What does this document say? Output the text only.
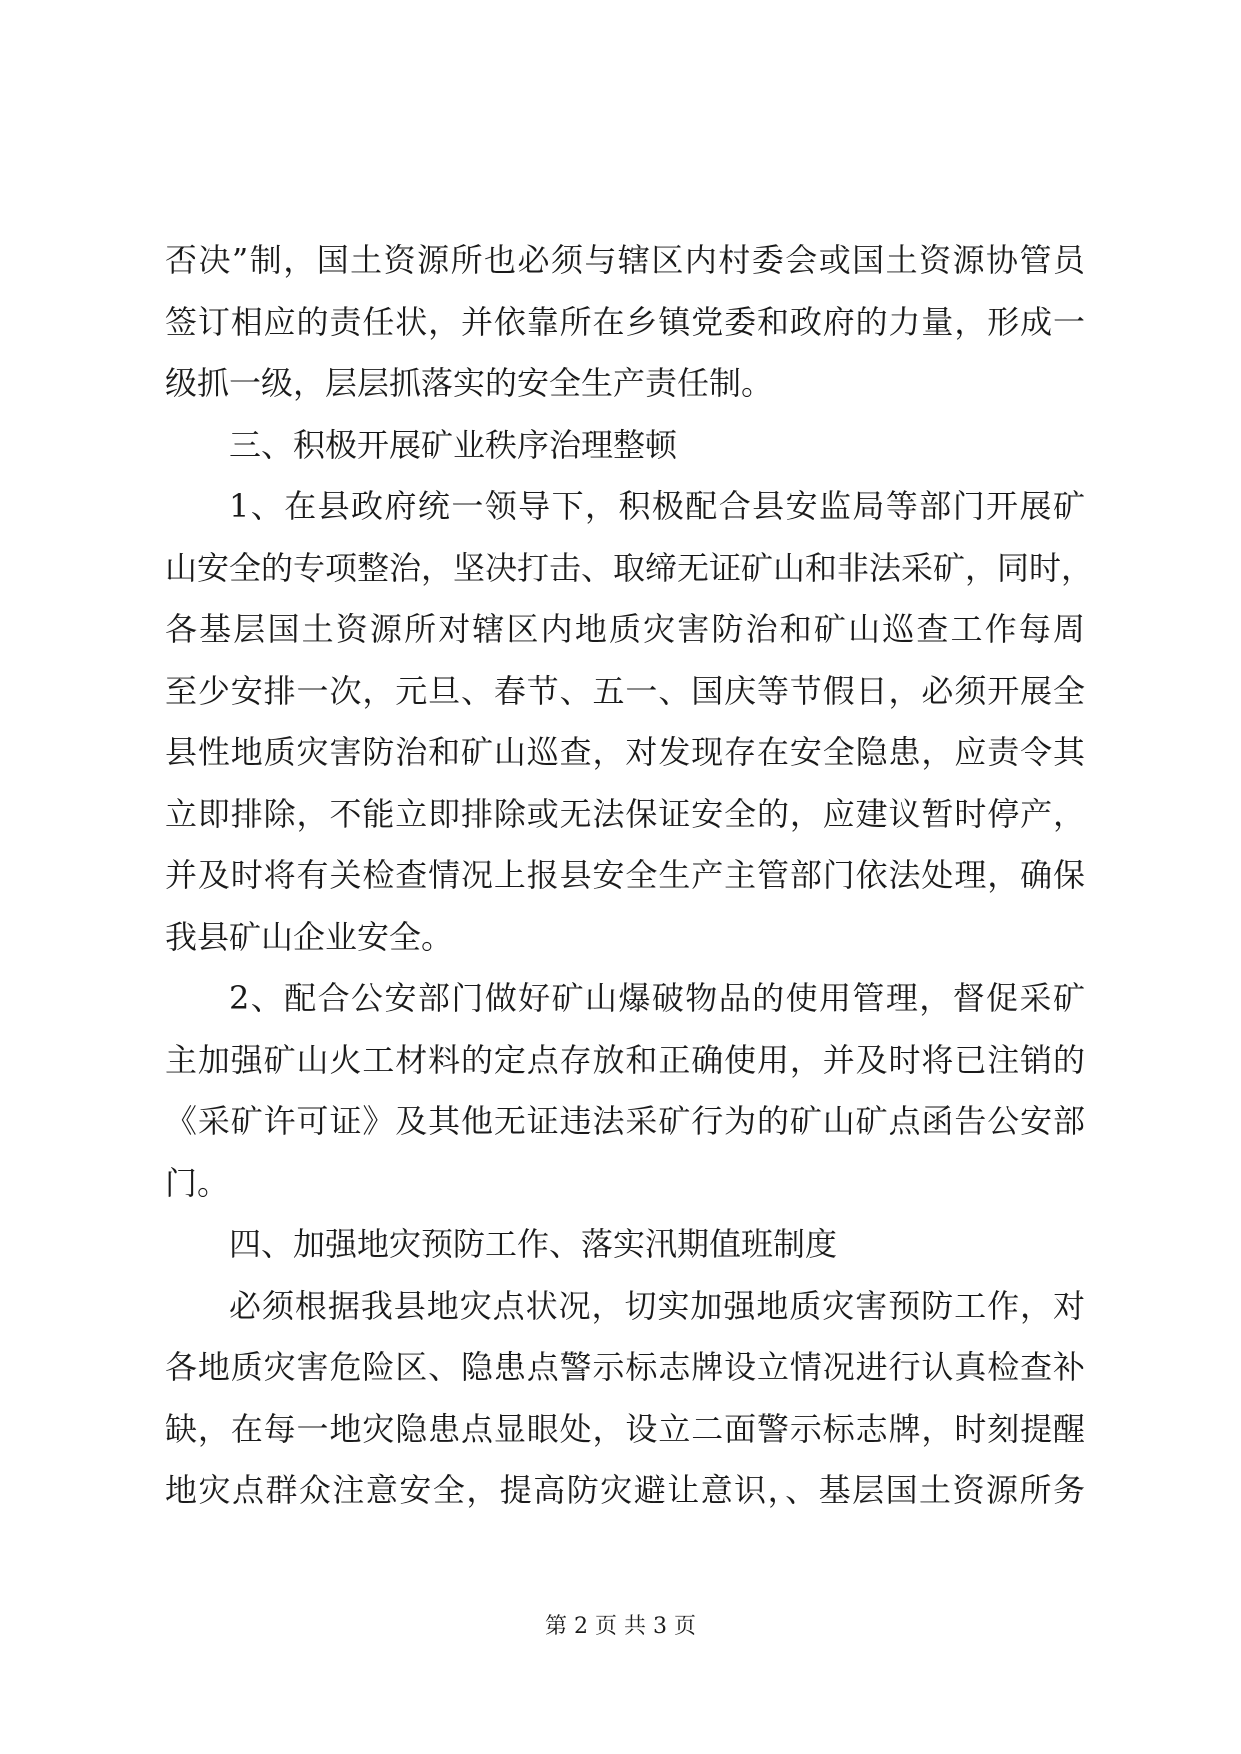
否决”制，国土资源所也必须与辖区内村委会或国土资源协管员
签订相应的责任状，并依靠所在乡镇党委和政府的力量，形成一
级抓一级，层层抓落实的安全生产责任制。
三、积极开展矿业秩序治理整顿
1、在县政府统一领导下，积极配合县安监局等部门开展矿
山安全的专项整治，坚决打击、取缔无证矿山和非法采矿，同时，
各基层国土资源所对辖区内地质灾害防治和矿山巡查工作每周
至少安排一次，元旦、春节、五一、国庆等节假日，必须开展全
县性地质灾害防治和矿山巡查，对发现存在安全隐患，应责令其
立即排除，不能立即排除或无法保证安全的，应建议暂时停产，
并及时将有关检查情况上报县安全生产主管部门依法处理，确保
我县矿山企业安全。
2、配合公安部门做好矿山爆破物品的使用管理，督促采矿
主加强矿山火工材料的定点存放和正确使用，并及时将已注销的
《采矿许可证》及其他无证违法采矿行为的矿山矿点函告公安部
门。
四、加强地灾预防工作、落实汛期值班制度
必须根据我县地灾点状况，切实加强地质灾害预防工作，对
各地质灾害危险区、隐患点警示标志牌设立情况进行认真检查补
缺，在每一地灾隐患点显眼处，设立二面警示标志牌，时刻提醒
地灾点群众注意安全，提高防灾避让意识，、基层国土资源所务
第 2 页 共 3 页
